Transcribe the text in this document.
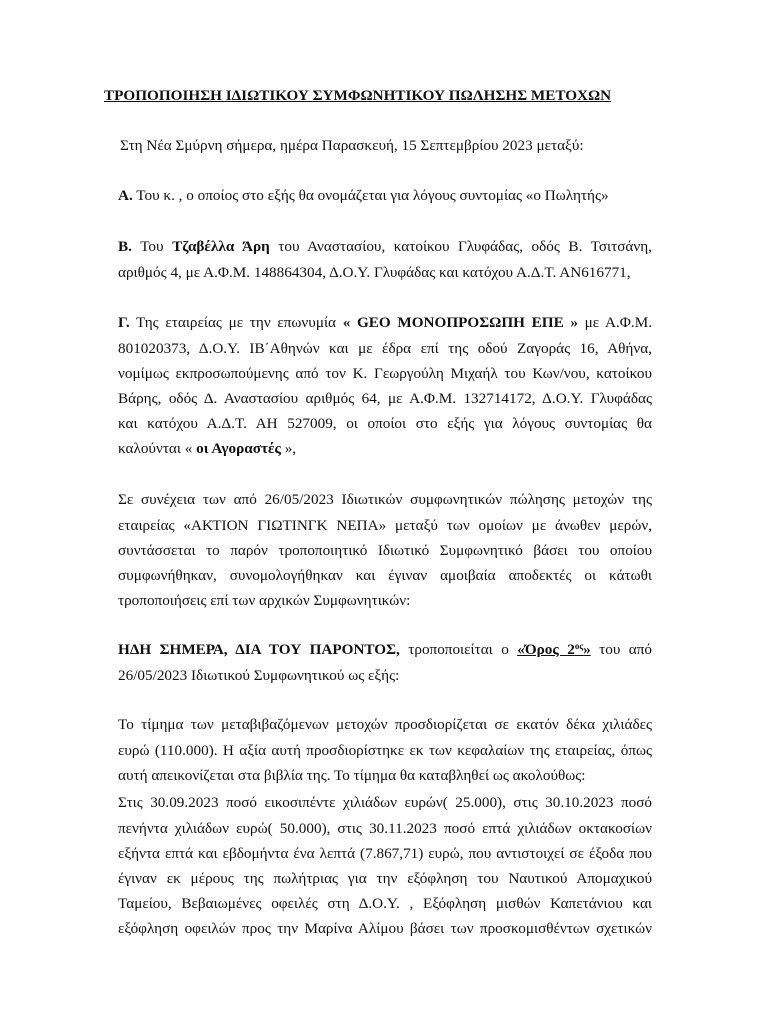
ΤΡΟΠΟΠΟΙΗΣΗ ΙΔΙΩΤΙΚΟΥ ΣΥΜΦΩΝΗΤΙΚΟΥ ΠΩΛΗΣΗΣ ΜΕΤΟΧΩΝ
Στη Νέα Σμύρνη σήμερα, ημέρα Παρασκευή, 15 Σεπτεμβρίου 2023 μεταξύ:
Α. Του κ. , ο οποίος στο εξής θα ονομάζεται για λόγους συντομίας «ο Πωλητής»
Β. Του Τζαβέλλα Άρη του Αναστασίου, κατοίκου Γλυφάδας, οδός Β. Τσιτσάνη,
αριθμός 4, με Α.Φ.Μ. 148864304, Δ.Ο.Υ. Γλυφάδας και κατόχου Α.Δ.Τ. ΑΝ616771,
Γ. Της εταιρείας με την επωνυμία « GEO ΜΟΝΟΠΡΟΣΩΠΗ ΕΠΕ » με Α.Φ.Μ.
801020373, Δ.Ο.Υ. ΙΒ΄Αθηνών και με έδρα επί της οδού Ζαγοράς 16, Αθήνα,
νομίμως εκπροσωπούμενης από τον Κ. Γεωργούλη Μιχαήλ του Κων/νου, κατοίκου
Βάρης, οδός Δ. Αναστασίου αριθμός 64, με Α.Φ.Μ. 132714172, Δ.Ο.Υ. Γλυφάδας
και κατόχου Α.Δ.Τ. ΑΗ 527009, οι οποίοι στο εξής για λόγους συντομίας θα
καλούνται « οι Αγοραστές »,
Σε συνέχεια των από 26/05/2023 Ιδιωτικών συμφωνητικών πώλησης μετοχών της
εταιρείας «ΑΚΤΙΟΝ ΓΙΩΤΙΝΓΚ ΝΕΠΑ» μεταξύ των ομοίων με άνωθεν μερών,
συντάσσεται το παρόν τροποποιητικό Ιδιωτικό Συμφωνητικό βάσει του οποίου
συμφωνήθηκαν, συνομολογήθηκαν και έγιναν αμοιβαία αποδεκτές οι κάτωθι
τροποποιήσεις επί των αρχικών Συμφωνητικών:
ΗΔΗ ΣΗΜΕΡΑ, ΔΙΑ ΤΟΥ ΠΑΡΟΝΤΟΣ, τροποποιείται ο «Όρος $2^{o\varsigma}$» του από
26/05/2023 Ιδιωτικού Συμφωνητικού ως εξής:
Το τίμημα των μεταβιβαζόμενων μετοχών προσδιορίζεται σε εκατόν δέκα χιλιάδες
ευρώ (110.000). Η αξία αυτή προσδιορίστηκε εκ των κεφαλαίων της εταιρείας, όπως
αυτή απεικονίζεται στα βιβλία της. Το τίμημα θα καταβληθεί ως ακολούθως:
Στις 30.09.2023 ποσό εικοσιπέντε χιλιάδων ευρών( 25.000), στις 30.10.2023 ποσό
πενήντα χιλιάδων ευρώ( 50.000), στις 30.11.2023 ποσό επτά χιλιάδων οκτακοσίων
εξήντα επτά και εβδομήντα ένα λεπτά (7.867,71) ευρώ, που αντιστοιχεί σε έξοδα που
έγιναν εκ μέρους της πωλήτριας για την εξόφληση του Ναυτικού Απομαχικού
Ταμείου, Βεβαιωμένες οφειλές στη Δ.Ο.Υ. , Εξόφληση μισθών Καπετάνιου και
εξόφληση οφειλών προς την Μαρίνα Αλίμου βάσει των προσκομισθέντων σχετικών
